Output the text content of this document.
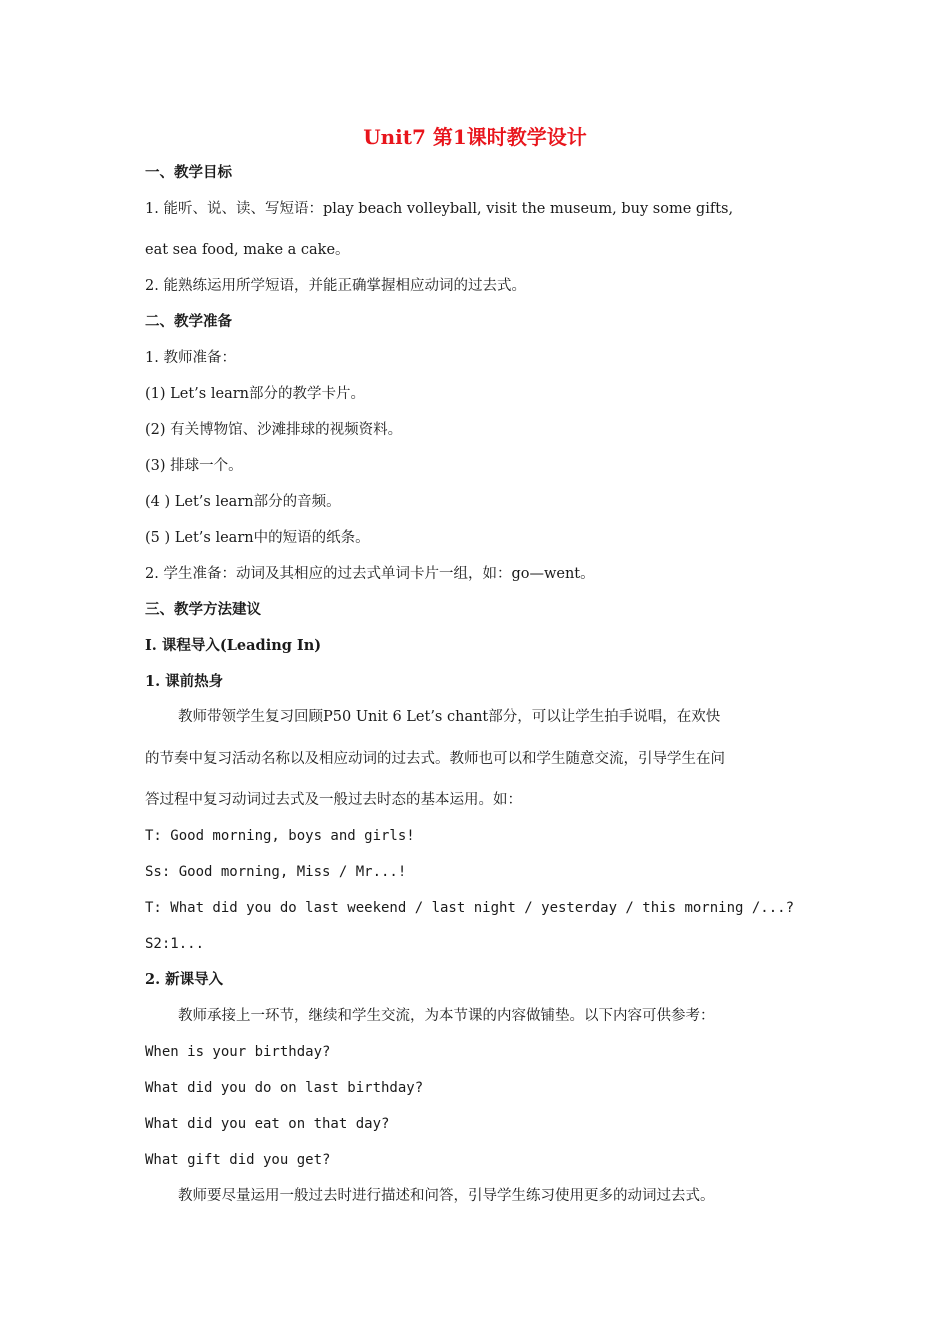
Unit7 第1课时教学设计
一、教学目标
1. 能听、说、读、写短语：play beach volleyball, visit the museum, buy some gifts,
eat sea food, make a cake。
2. 能熟练运用所学短语，并能正确掌握相应动词的过去式。
二、教学准备
1. 教师准备：
(1) Let’s learn部分的教学卡片。
(2) 有关博物馆、沙滩排球的视频资料。
(3) 排球一个。
(4 ) Let’s learn部分的音频。
(5 ) Let’s learn中的短语的纸条。
2. 学生准备：动词及其相应的过去式单词卡片一组，如：go—went。
三、教学方法建议
I. 课程导入(Leading In)
1. 课前热身
教师带领学生复习回顾P50 Unit 6 Let’s chant部分，可以让学生拍手说唱，在欢快
的节奏中复习活动名称以及相应动词的过去式。教师也可以和学生随意交流，引导学生在问
答过程中复习动词过去式及一般过去时态的基本运用。如：
T: Good morning, boys and girls!
Ss: Good morning, Miss / Mr...!
T: What did you do last weekend / last night / yesterday / this morning /...?
S2:1...
2. 新课导入
教师承接上一环节，继续和学生交流，为本节课的内容做铺垫。以下内容可供参考：
When is your birthday?
What did you do on last birthday?
What did you eat on that day?
What gift did you get?
教师要尽量运用一般过去时进行描述和问答，引导学生练习使用更多的动词过去式。
